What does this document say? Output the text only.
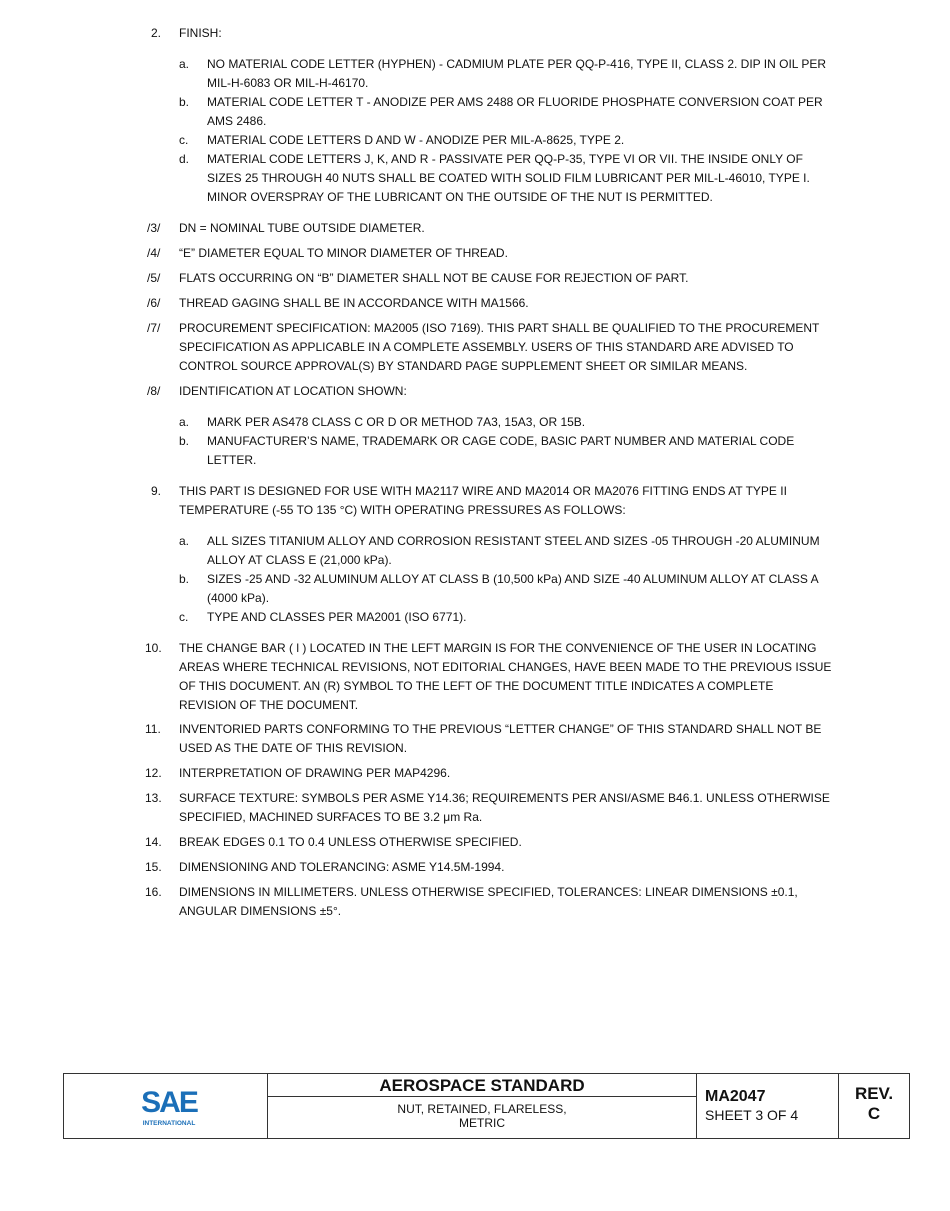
2. FINISH:
a. NO MATERIAL CODE LETTER (HYPHEN) - CADMIUM PLATE PER QQ-P-416, TYPE II, CLASS 2. DIP IN OIL PER
MIL-H-6083 OR MIL-H-46170.
b. MATERIAL CODE LETTER T - ANODIZE PER AMS 2488 OR FLUORIDE PHOSPHATE CONVERSION COAT PER
AMS 2486.
c. MATERIAL CODE LETTERS D AND W - ANODIZE PER MIL-A-8625, TYPE 2.
d. MATERIAL CODE LETTERS J, K, AND R - PASSIVATE PER QQ-P-35, TYPE VI OR VII. THE INSIDE ONLY OF
SIZES 25 THROUGH 40 NUTS SHALL BE COATED WITH SOLID FILM LUBRICANT PER MIL-L-46010, TYPE I.
MINOR OVERSPRAY OF THE LUBRICANT ON THE OUTSIDE OF THE NUT IS PERMITTED.
/3/ DN = NOMINAL TUBE OUTSIDE DIAMETER.
/4/ “E” DIAMETER EQUAL TO MINOR DIAMETER OF THREAD.
/5/ FLATS OCCURRING ON “B” DIAMETER SHALL NOT BE CAUSE FOR REJECTION OF PART.
/6/ THREAD GAGING SHALL BE IN ACCORDANCE WITH MA1566.
/7/ PROCUREMENT SPECIFICATION: MA2005 (ISO 7169). THIS PART SHALL BE QUALIFIED TO THE PROCUREMENT
SPECIFICATION AS APPLICABLE IN A COMPLETE ASSEMBLY. USERS OF THIS STANDARD ARE ADVISED TO
CONTROL SOURCE APPROVAL(S) BY STANDARD PAGE SUPPLEMENT SHEET OR SIMILAR MEANS.
/8/ IDENTIFICATION AT LOCATION SHOWN:
a. MARK PER AS478 CLASS C OR D OR METHOD 7A3, 15A3, OR 15B.
b. MANUFACTURER’S NAME, TRADEMARK OR CAGE CODE, BASIC PART NUMBER AND MATERIAL CODE
LETTER.
9. THIS PART IS DESIGNED FOR USE WITH MA2117 WIRE AND MA2014 OR MA2076 FITTING ENDS AT TYPE II
TEMPERATURE (-55 TO 135 °C) WITH OPERATING PRESSURES AS FOLLOWS:
a. ALL SIZES TITANIUM ALLOY AND CORROSION RESISTANT STEEL AND SIZES -05 THROUGH -20 ALUMINUM
ALLOY AT CLASS E (21,000 kPa).
b. SIZES -25 AND -32 ALUMINUM ALLOY AT CLASS B (10,500 kPa) AND SIZE -40 ALUMINUM ALLOY AT CLASS A
(4000 kPa).
c. TYPE AND CLASSES PER MA2001 (ISO 6771).
10. THE CHANGE BAR ( l ) LOCATED IN THE LEFT MARGIN IS FOR THE CONVENIENCE OF THE USER IN LOCATING
AREAS WHERE TECHNICAL REVISIONS, NOT EDITORIAL CHANGES, HAVE BEEN MADE TO THE PREVIOUS ISSUE
OF THIS DOCUMENT. AN (R) SYMBOL TO THE LEFT OF THE DOCUMENT TITLE INDICATES A COMPLETE
REVISION OF THE DOCUMENT.
11. INVENTORIED PARTS CONFORMING TO THE PREVIOUS “LETTER CHANGE” OF THIS STANDARD SHALL NOT BE
USED AS THE DATE OF THIS REVISION.
12. INTERPRETATION OF DRAWING PER MAP4296.
13. SURFACE TEXTURE: SYMBOLS PER ASME Y14.36; REQUIREMENTS PER ANSI/ASME B46.1. UNLESS OTHERWISE
SPECIFIED, MACHINED SURFACES TO BE 3.2 μm Ra.
14. BREAK EDGES 0.1 TO 0.4 UNLESS OTHERWISE SPECIFIED.
15. DIMENSIONING AND TOLERANCING: ASME Y14.5M-1994.
16. DIMENSIONS IN MILLIMETERS. UNLESS OTHERWISE SPECIFIED, TOLERANCES: LINEAR DIMENSIONS ±0.1,
ANGULAR DIMENSIONS ±5°.
SAE
INTERNATIONAL
AEROSPACE STANDARD
NUT, RETAINED, FLARELESS,
METRIC
MA2047
SHEET 3 OF 4
REV.
C
